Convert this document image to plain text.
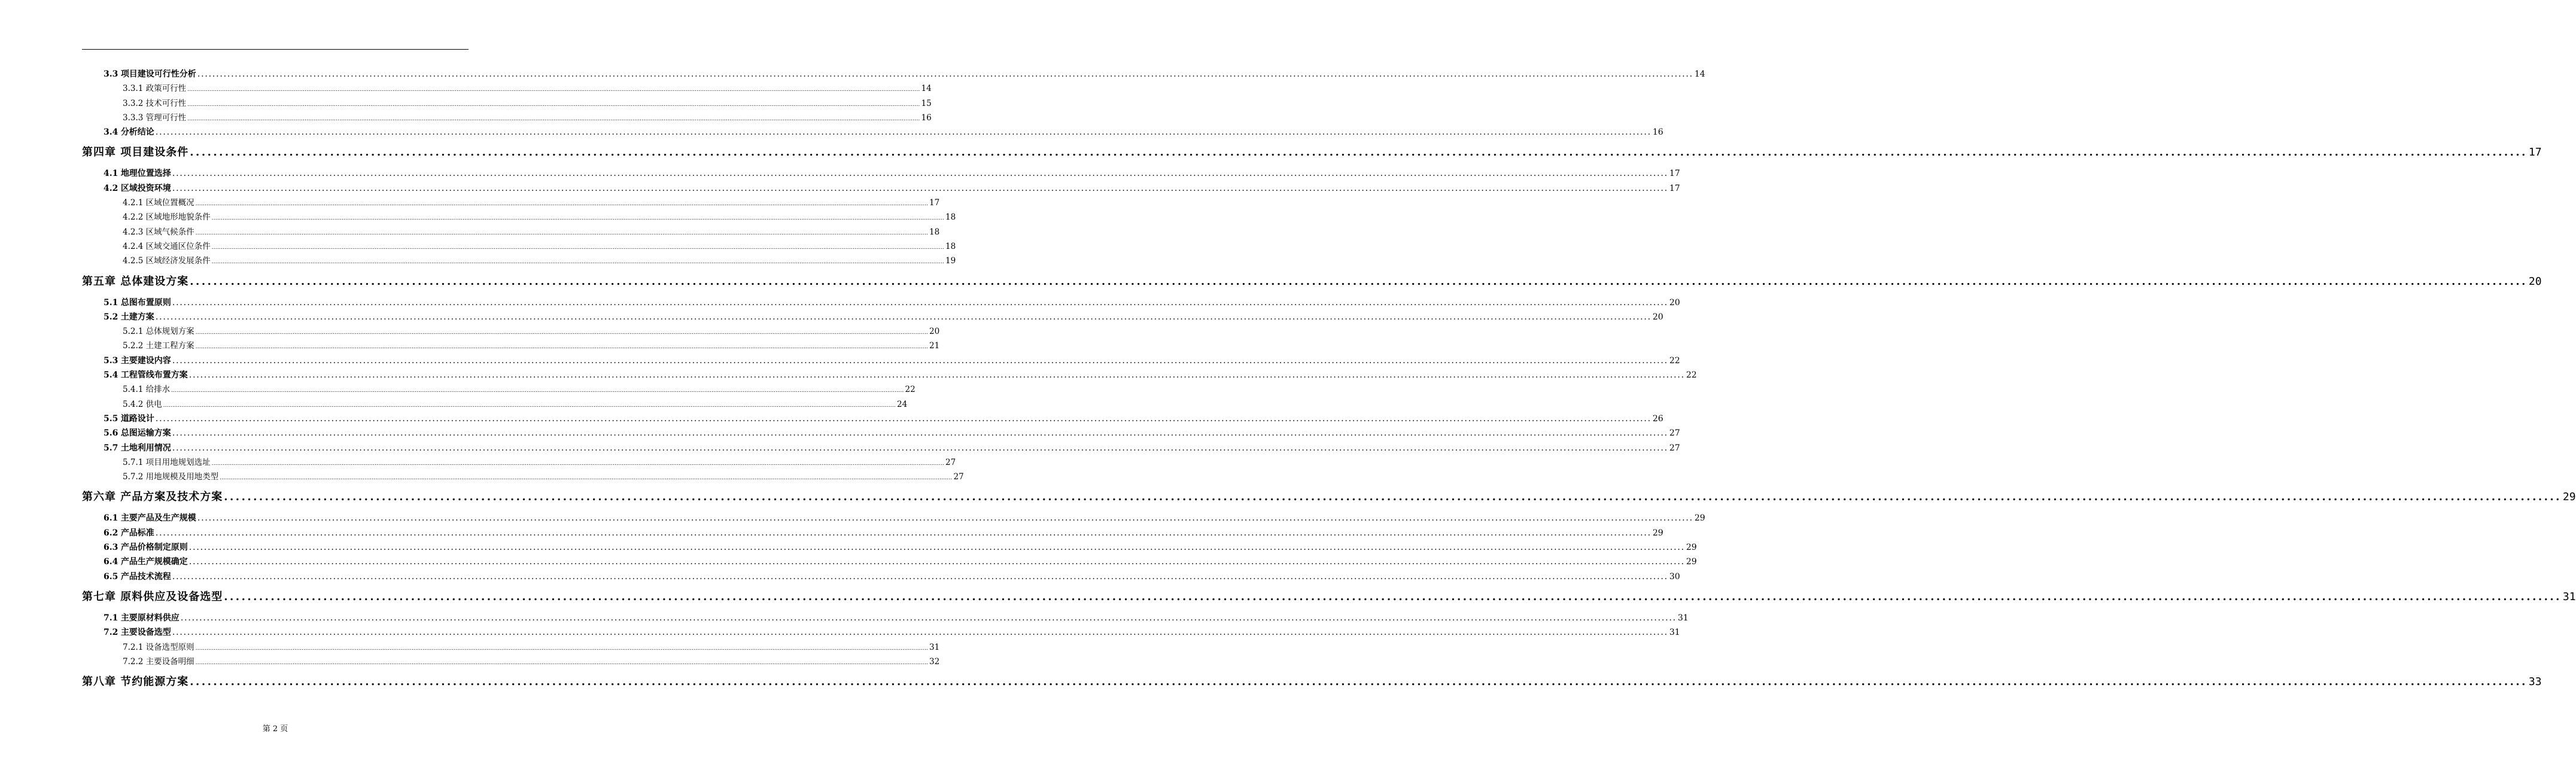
3.3 项目建设可行性分析 ................................................................................................................................................................................................................................................................................................................................................................................................................ 14
3.3.1 政策可行性 ................................................................................................................................................................................................................................................................................................................................................................................................................ 14
3.3.2 技术可行性 ................................................................................................................................................................................................................................................................................................................................................................................................................ 15
3.3.3 管理可行性 ................................................................................................................................................................................................................................................................................................................................................................................................................ 16
3.4 分析结论 ................................................................................................................................................................................................................................................................................................................................................................................................................ 16
第四章 项目建设条件 ................................................................................................................................................................................................................................................................................................................................................................................................................ 17
4.1 地理位置选择 ................................................................................................................................................................................................................................................................................................................................................................................................................ 17
4.2 区域投资环境 ................................................................................................................................................................................................................................................................................................................................................................................................................ 17
4.2.1 区域位置概况 ................................................................................................................................................................................................................................................................................................................................................................................................................ 17
4.2.2 区域地形地貌条件 ................................................................................................................................................................................................................................................................................................................................................................................................................ 18
4.2.3 区域气候条件 ................................................................................................................................................................................................................................................................................................................................................................................................................ 18
4.2.4 区域交通区位条件 ................................................................................................................................................................................................................................................................................................................................................................................................................ 18
4.2.5 区域经济发展条件 ................................................................................................................................................................................................................................................................................................................................................................................................................ 19
第五章 总体建设方案 ................................................................................................................................................................................................................................................................................................................................................................................................................ 20
5.1 总图布置原则 ................................................................................................................................................................................................................................................................................................................................................................................................................ 20
5.2 土建方案 ................................................................................................................................................................................................................................................................................................................................................................................................................ 20
5.2.1 总体规划方案 ................................................................................................................................................................................................................................................................................................................................................................................................................ 20
5.2.2 土建工程方案 ................................................................................................................................................................................................................................................................................................................................................................................................................ 21
5.3 主要建设内容 ................................................................................................................................................................................................................................................................................................................................................................................................................ 22
5.4 工程管线布置方案 ................................................................................................................................................................................................................................................................................................................................................................................................................ 22
5.4.1 给排水 ................................................................................................................................................................................................................................................................................................................................................................................................................ 22
5.4.2 供电 ................................................................................................................................................................................................................................................................................................................................................................................................................ 24
5.5 道路设计 ................................................................................................................................................................................................................................................................................................................................................................................................................ 26
5.6 总图运输方案 ................................................................................................................................................................................................................................................................................................................................................................................................................ 27
5.7 土地利用情况 ................................................................................................................................................................................................................................................................................................................................................................................................................ 27
5.7.1 项目用地规划选址 ................................................................................................................................................................................................................................................................................................................................................................................................................ 27
5.7.2 用地规模及用地类型 ................................................................................................................................................................................................................................................................................................................................................................................................................ 27
第六章 产品方案及技术方案 ................................................................................................................................................................................................................................................................................................................................................................................................................ 29
6.1 主要产品及生产规模 ................................................................................................................................................................................................................................................................................................................................................................................................................ 29
6.2 产品标准 ................................................................................................................................................................................................................................................................................................................................................................................................................ 29
6.3 产品价格制定原则 ................................................................................................................................................................................................................................................................................................................................................................................................................ 29
6.4 产品生产规模确定 ................................................................................................................................................................................................................................................................................................................................................................................................................ 29
6.5 产品技术流程 ................................................................................................................................................................................................................................................................................................................................................................................................................ 30
第七章 原料供应及设备选型 ................................................................................................................................................................................................................................................................................................................................................................................................................ 31
7.1 主要原材料供应 ................................................................................................................................................................................................................................................................................................................................................................................................................ 31
7.2 主要设备选型 ................................................................................................................................................................................................................................................................................................................................................................................................................ 31
7.2.1 设备选型原则 ................................................................................................................................................................................................................................................................................................................................................................................................................ 31
7.2.2 主要设备明细 ................................................................................................................................................................................................................................................................................................................................................................................................................ 32
第八章 节约能源方案 ................................................................................................................................................................................................................................................................................................................................................................................................................ 33
第 2 页
